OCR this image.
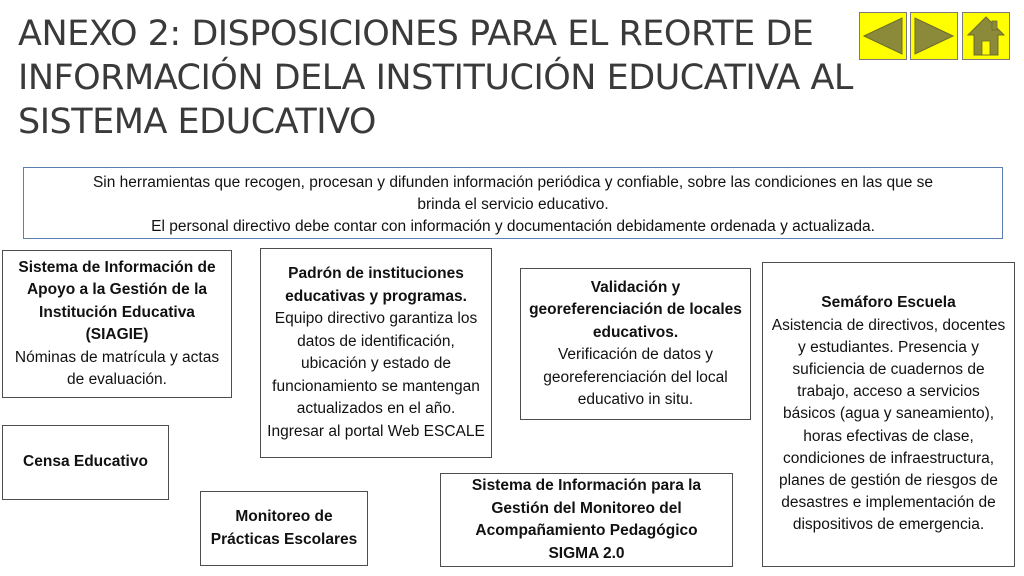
ANEXO 2: DISPOSICIONES PARA EL REORTE DE
INFORMACIÓN DELA INSTITUCIÓN EDUCATIVA AL
SISTEMA EDUCATIVO
Sin herramientas que recogen, procesan y difunden información periódica y confiable, sobre las condiciones en las que se
brinda el servicio educativo.
El personal directivo debe contar con información y documentación debidamente ordenada y actualizada.
Sistema de Información de Apoyo a la Gestión de la Institución Educativa (SIAGIE)
Nóminas de matrícula y actas de evaluación.
Padrón de instituciones educativas y programas.
Equipo directivo garantiza los datos de identificación, ubicación y estado de funcionamiento se mantengan actualizados en el año. Ingresar al portal Web ESCALE
Validación y georeferenciación de locales educativos.
Verificación de datos y georeferenciación del local educativo in situ.
Semáforo Escuela
Asistencia de directivos, docentes y estudiantes. Presencia y suficiencia de cuadernos de trabajo, acceso a servicios básicos (agua y saneamiento), horas efectivas de clase, condiciones de infraestructura, planes de gestión de riesgos de desastres e implementación de dispositivos de emergencia.
Censa Educativo
Monitoreo de Prácticas Escolares
Sistema de Información para la Gestión del Monitoreo del Acompañamiento Pedagógico SIGMA 2.0
